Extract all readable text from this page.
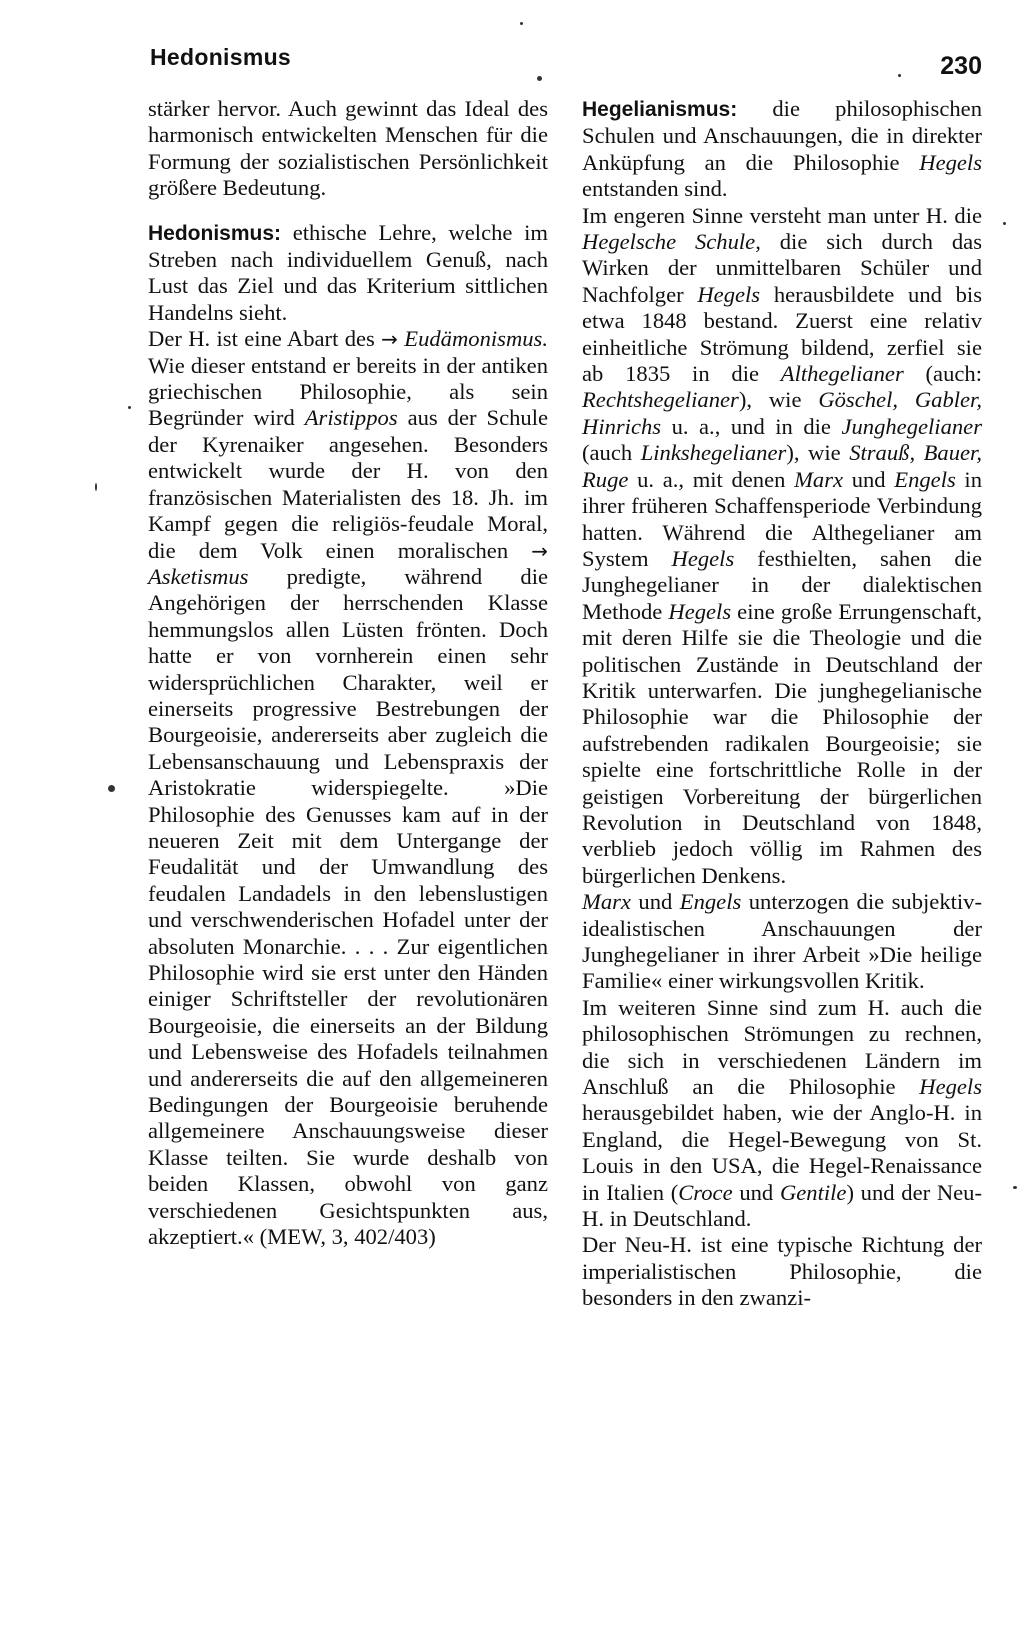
Hedonismus	230

stärker hervor. Auch gewinnt das Ideal des harmonisch entwickelten Menschen für die Formung der sozialistischen Persönlichkeit größere Bedeutung.

Hedonismus: ethische Lehre, welche im Streben nach individuellem Genuß, nach Lust das Ziel und das Kriterium sittlichen Handelns sieht.

Der H. ist eine Abart des → Eudämonismus. Wie dieser entstand er bereits in der antiken griechischen Philosophie, als sein Begründer wird Aristippos aus der Schule der Kyrenaiker angesehen. Besonders entwickelt wurde der H. von den französischen Materialisten des 18. Jh. im Kampf gegen die religiös-feudale Moral, die dem Volk einen moralischen → Asketismus predigte, während die Angehörigen der herrschenden Klasse hemmungslos allen Lüsten frönten. Doch hatte er von vornherein einen sehr widersprüchlichen Charakter, weil er einerseits progressive Bestrebungen der Bourgeoisie, andererseits aber zugleich die Lebensanschauung und Lebenspraxis der Aristokratie widerspiegelte. »Die Philosophie des Genusses kam auf in der neueren Zeit mit dem Untergange der Feudalität und der Umwandlung des feudalen Landadels in den lebenslustigen und verschwenderischen Hofadel unter der absoluten Monarchie. . . . Zur eigentlichen Philosophie wird sie erst unter den Händen einiger Schriftsteller der revolutionären Bourgeoisie, die einerseits an der Bildung und Lebensweise des Hofadels teilnahmen und andererseits die auf den allgemeineren Bedingungen der Bourgeoisie beruhende allgemeinere Anschauungsweise dieser Klasse teilten. Sie wurde deshalb von beiden Klassen, obwohl von ganz verschiedenen Gesichtspunkten aus, akzeptiert.« (MEW, 3, 402/403)

Hegelianismus: die philosophischen Schulen und Anschauungen, die in direkter Anküpfung an die Philosophie Hegels entstanden sind.

Im engeren Sinne versteht man unter H. die Hegelsche Schule, die sich durch das Wirken der unmittelbaren Schüler und Nachfolger Hegels herausbildete und bis etwa 1848 bestand. Zuerst eine relativ einheitliche Strömung bildend, zerfiel sie ab 1835 in die Althegelianer (auch: Rechtshegelianer), wie Göschel, Gabler, Hinrichs u. a., und in die Junghegelianer (auch Linkshegelianer), wie Strauß, Bauer, Ruge u. a., mit denen Marx und Engels in ihrer früheren Schaffensperiode Verbindung hatten. Während die Althegelianer am System Hegels festhielten, sahen die Junghegelianer in der dialektischen Methode Hegels eine große Errungenschaft, mit deren Hilfe sie die Theologie und die politischen Zustände in Deutschland der Kritik unterwarfen. Die junghegelianische Philosophie war die Philosophie der aufstrebenden radikalen Bourgeoisie; sie spielte eine fortschrittliche Rolle in der geistigen Vorbereitung der bürgerlichen Revolution in Deutschland von 1848, verblieb jedoch völlig im Rahmen des bürgerlichen Denkens.

Marx und Engels unterzogen die subjektiv-idealistischen Anschauungen der Junghegelianer in ihrer Arbeit »Die heilige Familie« einer wirkungsvollen Kritik.

Im weiteren Sinne sind zum H. auch die philosophischen Strömungen zu rechnen, die sich in verschiedenen Ländern im Anschluß an die Philosophie Hegels herausgebildet haben, wie der Anglo-H. in England, die Hegel-Bewegung von St. Louis in den USA, die Hegel-Renaissance in Italien (Croce und Gentile) und der Neu-H. in Deutschland.

Der Neu-H. ist eine typische Richtung der imperialistischen Philosophie, die besonders in den zwanzi-
